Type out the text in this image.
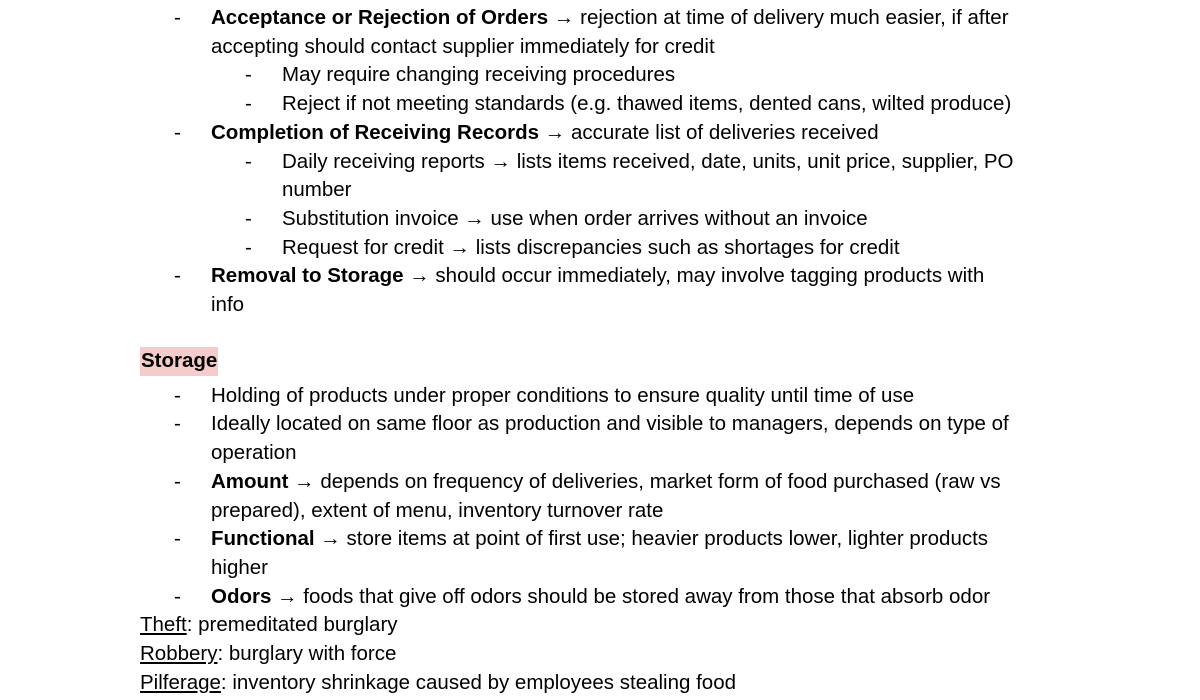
- Acceptance or Rejection of Orders → rejection at time of delivery much easier, if after
accepting should contact supplier immediately for credit
- May require changing receiving procedures
- Reject if not meeting standards (e.g. thawed items, dented cans, wilted produce)
- Completion of Receiving Records → accurate list of deliveries received
- Daily receiving reports → lists items received, date, units, unit price, supplier, PO
number
- Substitution invoice → use when order arrives without an invoice
- Request for credit → lists discrepancies such as shortages for credit
- Removal to Storage → should occur immediately, may involve tagging products with
info
Storage
- Holding of products under proper conditions to ensure quality until time of use
- Ideally located on same floor as production and visible to managers, depends on type of
operation
- Amount → depends on frequency of deliveries, market form of food purchased (raw vs
prepared), extent of menu, inventory turnover rate
- Functional → store items at point of first use; heavier products lower, lighter products
higher
- Odors → foods that give off odors should be stored away from those that absorb odor
Theft: premeditated burglary
Robbery: burglary with force
Pilferage: inventory shrinkage caused by employees stealing food
